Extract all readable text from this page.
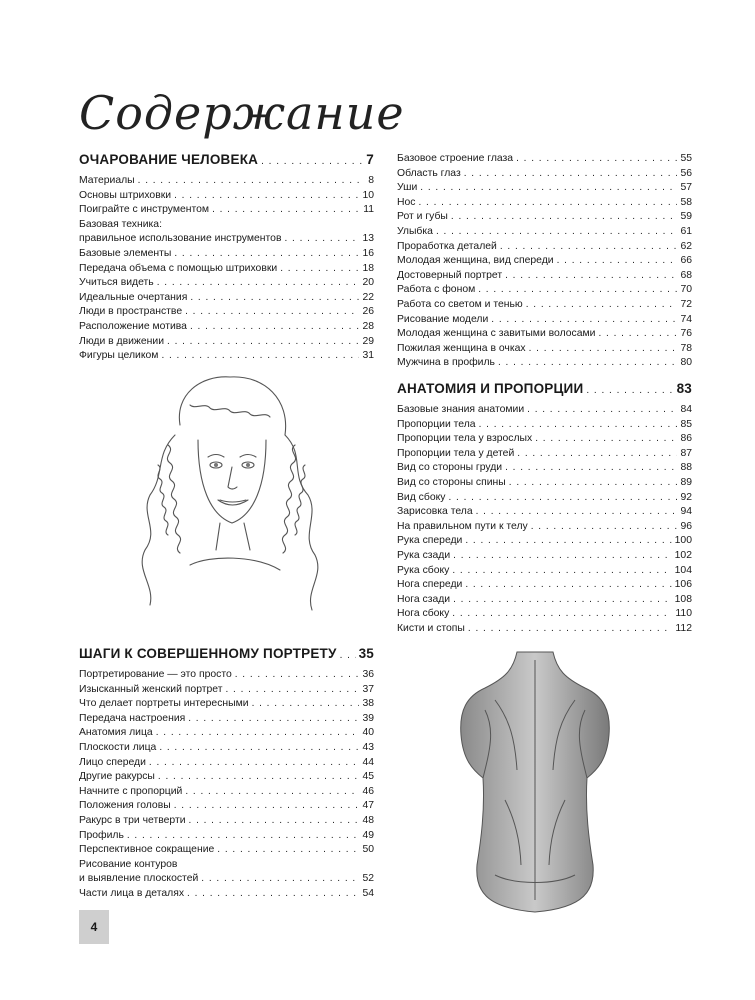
Содержание
ОЧАРОВАНИЕ ЧЕЛОВЕКА . . .	7
Материалы . . .	8
Основы штриховки . . .	10
Поиграйте с инструментом . . .	11
Базовая техника:
правильное использование инструментов . . .	13
Базовые элементы . . .	16
Передача объема с помощью штриховки . . .	18
Учиться видеть . . .	20
Идеальные очертания . . .	22
Люди в пространстве . . .	26
Расположение мотива . . .	28
Люди в движении . . .	29
Фигуры целиком . . .	31
ШАГИ К СОВЕРШЕННОМУ ПОРТРЕТУ . . . 35
Портретирование — это просто . . .	36
Изысканный женский портрет . . .	37
Что делает портреты интересными . . .	38
Передача настроения . . .	39
Анатомия лица . . .	40
Плоскости лица . . .	43
Лицо спереди . . .	44
Другие ракурсы . . .	45
Начните с пропорций . . .	46
Положения головы . . .	47
Ракурс в три четверти . . .	48
Профиль . . .	49
Перспективное сокращение . . .	50
Рисование контуров
и выявление плоскостей . . .	52
Части лица в деталях . . .	54
Базовое строение глаза . . .	55
Область глаз . . .	56
Уши . . .	57
Нос . . .	58
Рот и губы . . .	59
Улыбка . . .	61
Проработка деталей . . .	62
Молодая женщина, вид спереди . . .	66
Достоверный портрет . . .	68
Работа с фоном . . .	70
Работа со светом и тенью . . .	72
Рисование модели . . .	74
Молодая женщина с завитыми волосами . . .	76
Пожилая женщина в очках . . .	78
Мужчина в профиль . . .	80
АНАТОМИЯ И ПРОПОРЦИИ . . .	83
Базовые знания анатомии . . .	84
Пропорции тела . . .	85
Пропорции тела у взрослых . . .	86
Пропорции тела у детей . . .	87
Вид со стороны груди . . .	88
Вид со стороны спины . . .	89
Вид сбоку . . .	92
Зарисовка тела . . .	94
На правильном пути к телу . . .	96
Рука спереди . . .	100
Рука сзади . . .	102
Рука сбоку . . .	104
Нога спереди . . .	106
Нога сзади . . .	108
Нога сбоку . . .	110
Кисти и стопы . . .	112
4
